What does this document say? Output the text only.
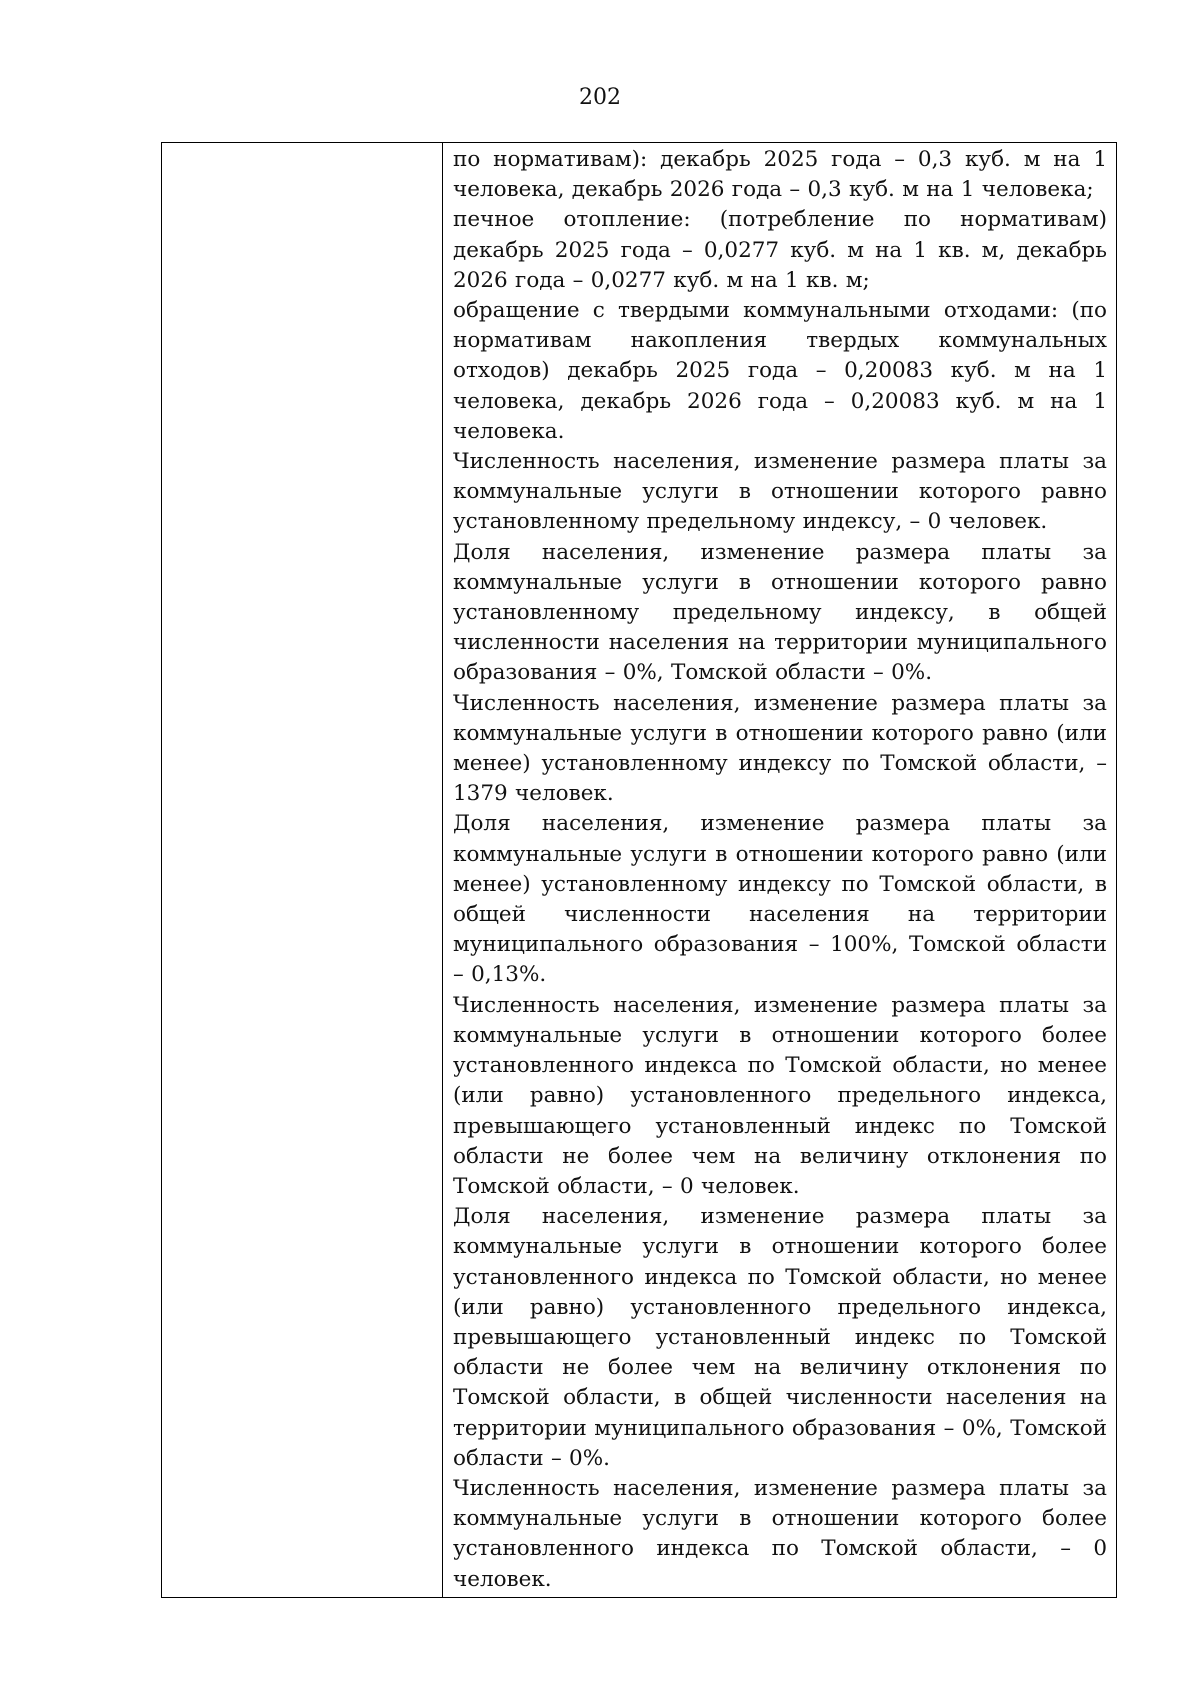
202

по нормативам): декабрь 2025 года – 0,3 куб. м на 1 человека, декабрь 2026 года – 0,3 куб. м на 1 человека;

печное отопление: (потребление по нормативам) декабрь 2025 года – 0,0277 куб. м на 1 кв. м, декабрь 2026 года – 0,0277 куб. м на 1 кв. м;

обращение с твердыми коммунальными отходами: (по нормативам накопления твердых коммунальных отходов) декабрь 2025 года – 0,20083 куб. м на 1 человека, декабрь 2026 года – 0,20083 куб. м на 1 человека.

Численность населения, изменение размера платы за коммунальные услуги в отношении которого равно установленному предельному индексу, – 0 человек.

Доля населения, изменение размера платы за коммунальные услуги в отношении которого равно установленному предельному индексу, в общей численности населения на территории муниципального образования – 0%, Томской области – 0%.

Численность населения, изменение размера платы за коммунальные услуги в отношении которого равно (или менее) установленному индексу по Томской области, – 1379 человек.

Доля населения, изменение размера платы за коммунальные услуги в отношении которого равно (или менее) установленному индексу по Томской области, в общей численности населения на территории муниципального образования – 100%, Томской области – 0,13%.

Численность населения, изменение размера платы за коммунальные услуги в отношении которого более установленного индекса по Томской области, но менее (или равно) установленного предельного индекса, превышающего установленный индекс по Томской области не более чем на величину отклонения по Томской области, – 0 человек.

Доля населения, изменение размера платы за коммунальные услуги в отношении которого более установленного индекса по Томской области, но менее (или равно) установленного предельного индекса, превышающего установленный индекс по Томской области не более чем на величину отклонения по Томской области, в общей численности населения на территории муниципального образования – 0%, Томской области – 0%.

Численность населения, изменение размера платы за коммунальные услуги в отношении которого более установленного индекса по Томской области, – 0 человек.
